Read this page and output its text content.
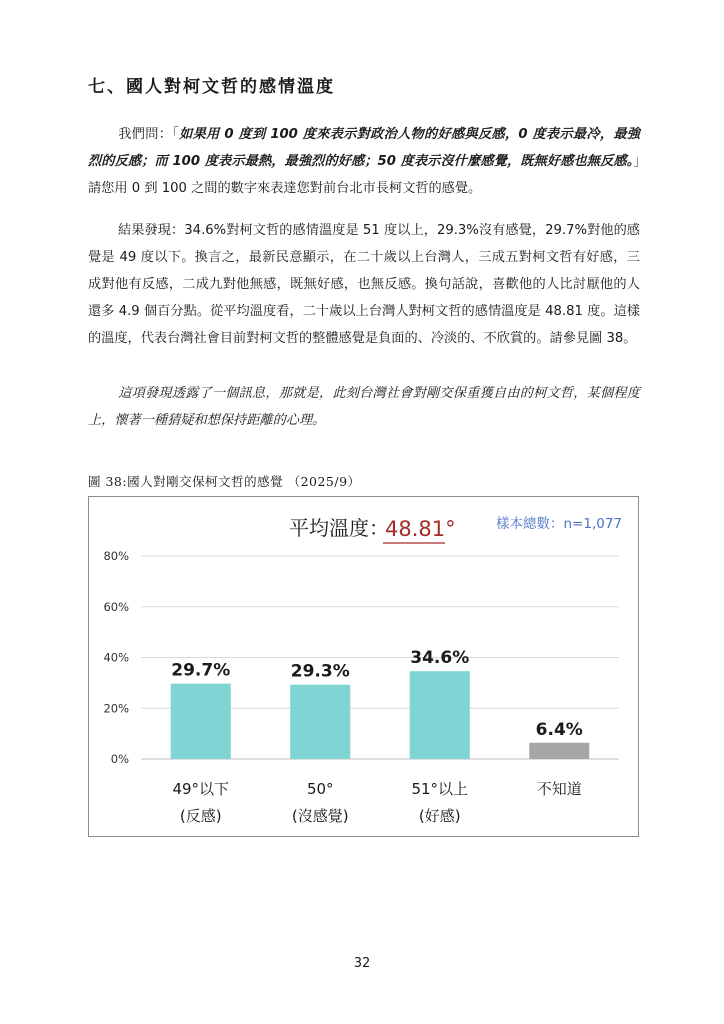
七、國人對柯文哲的感情溫度
我們問：「如果用 0 度到 100 度來表示對政治人物的好感與反感，0 度表示最冷，最強烈的反感；而 100 度表示最熱，最強烈的好感；50 度表示沒什麼感覺，既無好感也無反感。」請您用 0 到 100 之間的數字來表達您對前台北市長柯文哲的感覺。
結果發現：34.6%對柯文哲的感情溫度是 51 度以上，29.3%沒有感覺，29.7%對他的感覺是 49 度以下。換言之，最新民意顯示，在二十歲以上台灣人，三成五對柯文哲有好感，三成對他有反感，二成九對他無感，既無好感，也無反感。換句話說，喜歡他的人比討厭他的人還多 4.9 個百分點。從平均溫度看，二十歲以上台灣人對柯文哲的感情溫度是 48.81 度。這樣的溫度，代表台灣社會目前對柯文哲的整體感覺是負面的、冷淡的、不欣賞的。請參見圖 38。
這項發現透露了一個訊息，那就是，此刻台灣社會對剛交保重獲自由的柯文哲，某個程度上，懷著一種猜疑和想保持距離的心理。
圖 38:國人對剛交保柯文哲的感覺 （2025/9）
平均溫度：
48.81°	樣本總數：n=1,077
0%
20%
40%
60%
80%
29.7%
49°以下
(反感)
29.3%
50°
(沒感覺)
34.6%
51°以上
(好感)
6.4%
不知道
32
